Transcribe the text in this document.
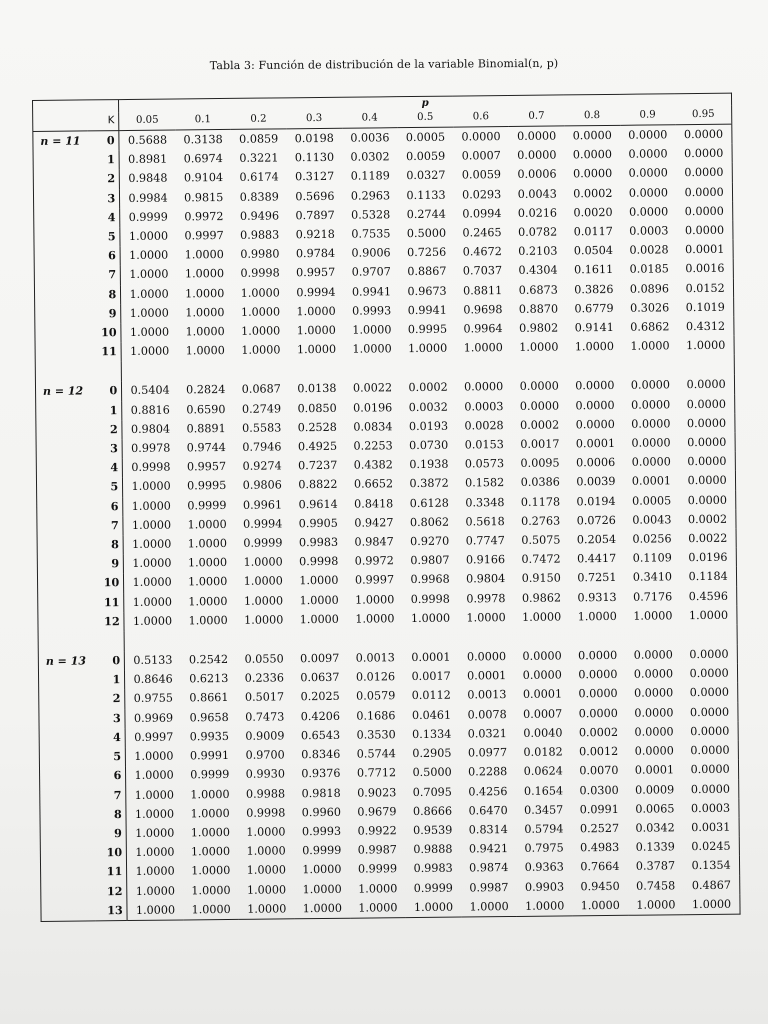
Tabla 3: Función de distribución de la variable Binomial(n, p)
							p					
	K	0.05	0.1	0.2	0.3	0.4	0.5	0.6	0.7	0.8	0.9	0.95
n = 11	0	0.5688	0.3138	0.0859	0.0198	0.0036	0.0005	0.0000	0.0000	0.0000	0.0000	0.0000
	1	0.8981	0.6974	0.3221	0.1130	0.0302	0.0059	0.0007	0.0000	0.0000	0.0000	0.0000
	2	0.9848	0.9104	0.6174	0.3127	0.1189	0.0327	0.0059	0.0006	0.0000	0.0000	0.0000
	3	0.9984	0.9815	0.8389	0.5696	0.2963	0.1133	0.0293	0.0043	0.0002	0.0000	0.0000
	4	0.9999	0.9972	0.9496	0.7897	0.5328	0.2744	0.0994	0.0216	0.0020	0.0000	0.0000
	5	1.0000	0.9997	0.9883	0.9218	0.7535	0.5000	0.2465	0.0782	0.0117	0.0003	0.0000
	6	1.0000	1.0000	0.9980	0.9784	0.9006	0.7256	0.4672	0.2103	0.0504	0.0028	0.0001
	7	1.0000	1.0000	0.9998	0.9957	0.9707	0.8867	0.7037	0.4304	0.1611	0.0185	0.0016
	8	1.0000	1.0000	1.0000	0.9994	0.9941	0.9673	0.8811	0.6873	0.3826	0.0896	0.0152
	9	1.0000	1.0000	1.0000	1.0000	0.9993	0.9941	0.9698	0.8870	0.6779	0.3026	0.1019
	10	1.0000	1.0000	1.0000	1.0000	1.0000	0.9995	0.9964	0.9802	0.9141	0.6862	0.4312
	11	1.0000	1.0000	1.0000	1.0000	1.0000	1.0000	1.0000	1.0000	1.0000	1.0000	1.0000

n = 12	0	0.5404	0.2824	0.0687	0.0138	0.0022	0.0002	0.0000	0.0000	0.0000	0.0000	0.0000
	1	0.8816	0.6590	0.2749	0.0850	0.0196	0.0032	0.0003	0.0000	0.0000	0.0000	0.0000
	2	0.9804	0.8891	0.5583	0.2528	0.0834	0.0193	0.0028	0.0002	0.0000	0.0000	0.0000
	3	0.9978	0.9744	0.7946	0.4925	0.2253	0.0730	0.0153	0.0017	0.0001	0.0000	0.0000
	4	0.9998	0.9957	0.9274	0.7237	0.4382	0.1938	0.0573	0.0095	0.0006	0.0000	0.0000
	5	1.0000	0.9995	0.9806	0.8822	0.6652	0.3872	0.1582	0.0386	0.0039	0.0001	0.0000
	6	1.0000	0.9999	0.9961	0.9614	0.8418	0.6128	0.3348	0.1178	0.0194	0.0005	0.0000
	7	1.0000	1.0000	0.9994	0.9905	0.9427	0.8062	0.5618	0.2763	0.0726	0.0043	0.0002
	8	1.0000	1.0000	0.9999	0.9983	0.9847	0.9270	0.7747	0.5075	0.2054	0.0256	0.0022
	9	1.0000	1.0000	1.0000	0.9998	0.9972	0.9807	0.9166	0.7472	0.4417	0.1109	0.0196
	10	1.0000	1.0000	1.0000	1.0000	0.9997	0.9968	0.9804	0.9150	0.7251	0.3410	0.1184
	11	1.0000	1.0000	1.0000	1.0000	1.0000	0.9998	0.9978	0.9862	0.9313	0.7176	0.4596
	12	1.0000	1.0000	1.0000	1.0000	1.0000	1.0000	1.0000	1.0000	1.0000	1.0000	1.0000

n = 13	0	0.5133	0.2542	0.0550	0.0097	0.0013	0.0001	0.0000	0.0000	0.0000	0.0000	0.0000
	1	0.8646	0.6213	0.2336	0.0637	0.0126	0.0017	0.0001	0.0000	0.0000	0.0000	0.0000
	2	0.9755	0.8661	0.5017	0.2025	0.0579	0.0112	0.0013	0.0001	0.0000	0.0000	0.0000
	3	0.9969	0.9658	0.7473	0.4206	0.1686	0.0461	0.0078	0.0007	0.0000	0.0000	0.0000
	4	0.9997	0.9935	0.9009	0.6543	0.3530	0.1334	0.0321	0.0040	0.0002	0.0000	0.0000
	5	1.0000	0.9991	0.9700	0.8346	0.5744	0.2905	0.0977	0.0182	0.0012	0.0000	0.0000
	6	1.0000	0.9999	0.9930	0.9376	0.7712	0.5000	0.2288	0.0624	0.0070	0.0001	0.0000
	7	1.0000	1.0000	0.9988	0.9818	0.9023	0.7095	0.4256	0.1654	0.0300	0.0009	0.0000
	8	1.0000	1.0000	0.9998	0.9960	0.9679	0.8666	0.6470	0.3457	0.0991	0.0065	0.0003
	9	1.0000	1.0000	1.0000	0.9993	0.9922	0.9539	0.8314	0.5794	0.2527	0.0342	0.0031
	10	1.0000	1.0000	1.0000	0.9999	0.9987	0.9888	0.9421	0.7975	0.4983	0.1339	0.0245
	11	1.0000	1.0000	1.0000	1.0000	0.9999	0.9983	0.9874	0.9363	0.7664	0.3787	0.1354
	12	1.0000	1.0000	1.0000	1.0000	1.0000	0.9999	0.9987	0.9903	0.9450	0.7458	0.4867
	13	1.0000	1.0000	1.0000	1.0000	1.0000	1.0000	1.0000	1.0000	1.0000	1.0000	1.0000
